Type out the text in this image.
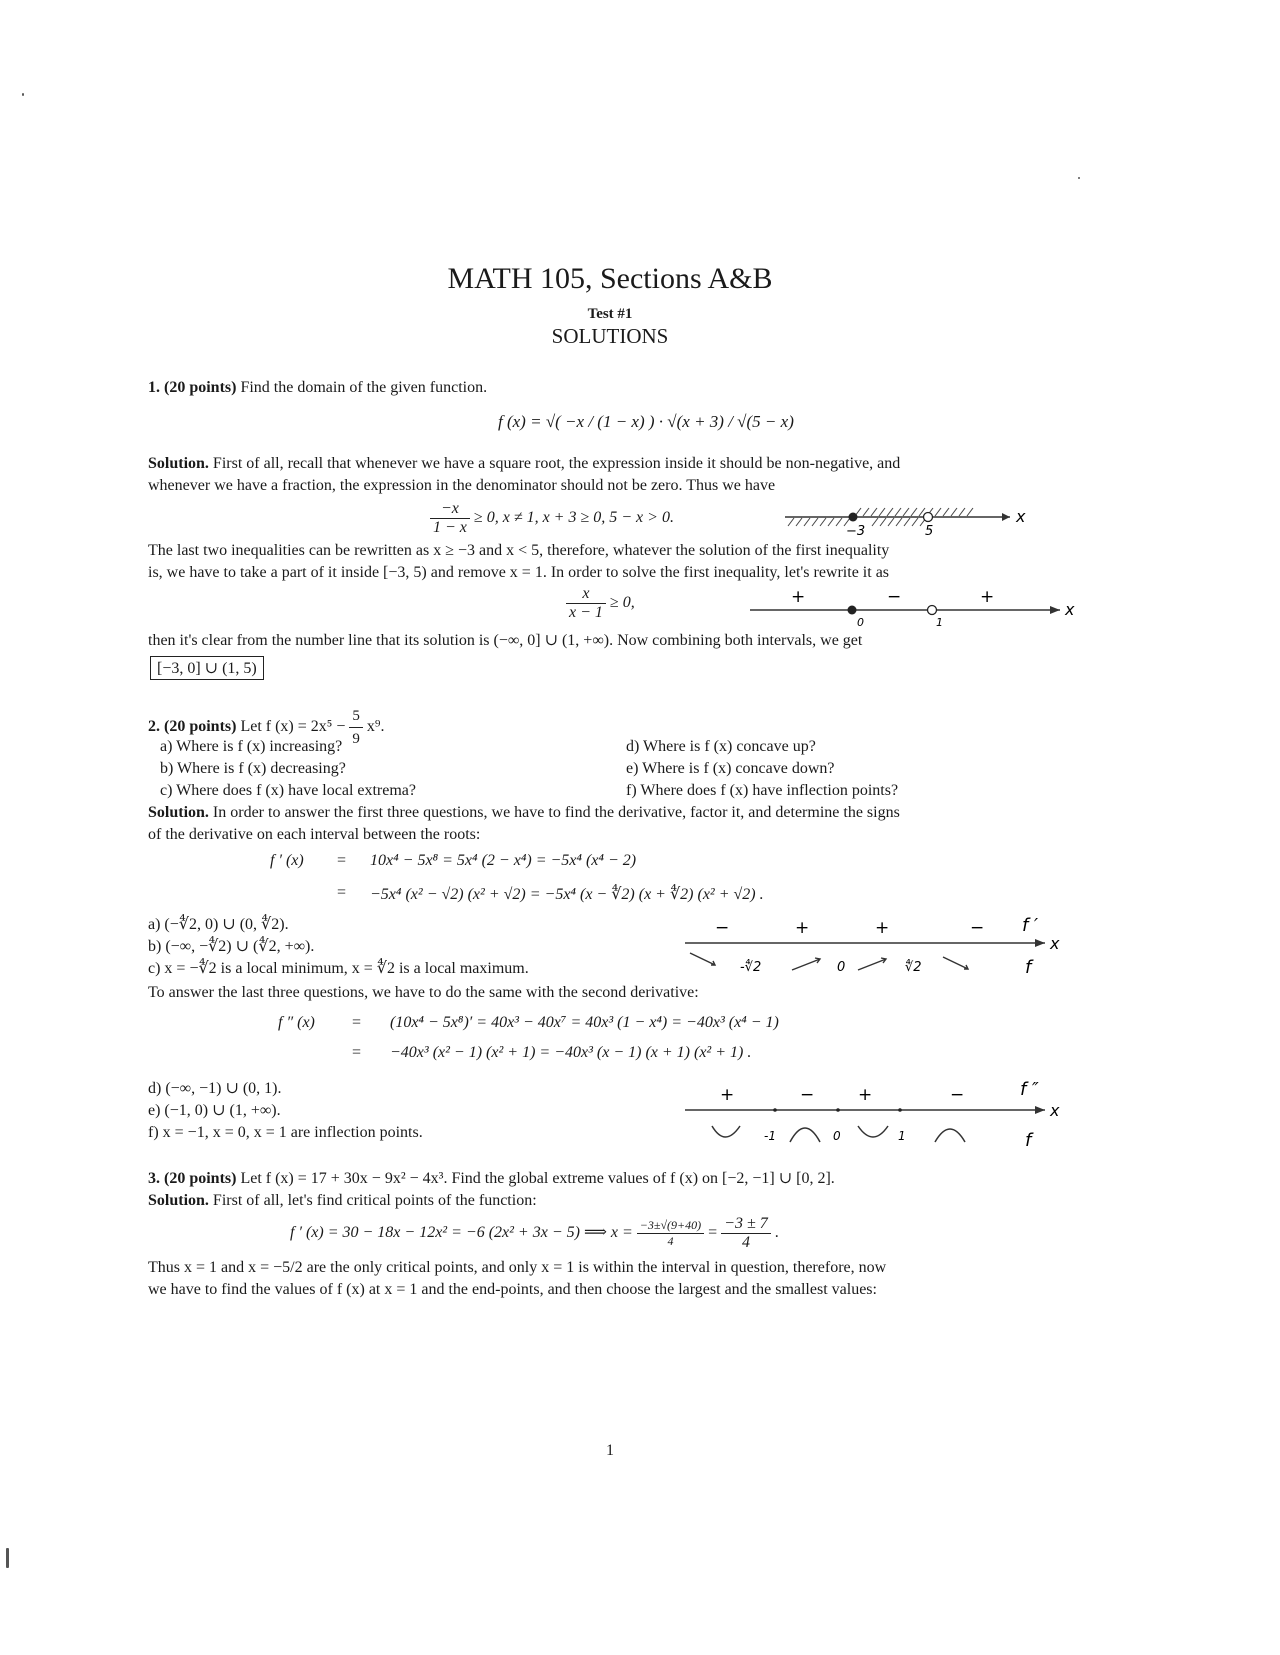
MATH 105, Sections A&B
Test #1
SOLUTIONS
1. (20 points) Find the domain of the given function.
f (x) = √( −x / (1 − x) ) · √(x + 3) / √(5 − x)
Solution. First of all, recall that whenever we have a square root, the expression inside it should be non-negative, and
whenever we have a fraction, the expression in the denominator should not be zero. Thus we have
$\frac{-x}{1 - x} \ge 0$, x ≠ 1, x + 3 ≥ 0, 5 − x > 0.
−3	5
x
The last two inequalities can be rewritten as x ≥ −3 and x < 5, therefore, whatever the solution of the first inequality
is, we have to take a part of it inside [−3, 5) and remove x = 1. In order to solve the first inequality, let's rewrite it as
$\frac{x}{x - 1} \ge 0$,	+	−	+
0	1
x
then it's clear from the number line that its solution is (−∞, 0] ∪ (1, +∞). Now combining both intervals, we get
[−3, 0] ∪ (1, 5)
2. (20 points) Let f $(x) = 2x^5 - \frac{5}{9} x^9$.
a) Where is f (x) increasing?
b) Where is f (x) decreasing?
c) Where does f (x) have local extrema?
d) Where is f (x) concave up?
e) Where is f (x) concave down?
f) Where does f (x) have inflection points?
Solution. In order to answer the first three questions, we have to find the derivative, factor it, and determine the signs
of the derivative on each interval between the roots:
f ′ (x) = 10x⁴ − 5x⁸ = 5x⁴ (2 − x⁴) = −5x⁴ (x⁴ − 2)
= −5x⁴ (x² − √2) (x² + √2) = −5x⁴ (x − ∜2) (x + ∜2) (x² + √2) .
a) (−∜2, 0) ∪ (0, ∜2).
b) (−∞, −∜2) ∪ (∜2, +∞).
c) x = −∜2 is a local minimum, x = ∜2 is a local maximum.
−	+	+	− f ′
x
f
-∜2	0	∜2
To answer the last three questions, we have to do the same with the second derivative:
f ″ (x) = (10x⁴ − 5x⁸)′ = 40x³ − 40x⁷ = 40x³ (1 − x⁴) = −40x³ (x⁴ − 1)
= −40x³ (x² − 1) (x² + 1) = −40x³ (x − 1) (x + 1) (x² + 1) .
d) (−∞, −1) ∪ (0, 1).
e) (−1, 0) ∪ (1, +∞).
f) x = −1, x = 0, x = 1 are inflection points.
+	−	+	−	f ″
x
f
-1	0	1
3. (20 points) Let f (x) = 17 + 30x − 9x² − 4x³. Find the global extreme values of f (x) on [−2, −1] ∪ [0, 2].
Solution. First of all, let's find critical points of the function:
f ′ (x) = 30 − 18x − 12x² = −6 (2x² + 3x − 5) ⟹ $x = \frac{-3\pm√(9+40)}{4} = \frac{-3 \pm 7}{4}$ .
Thus x = 1 and x = −5/2 are the only critical points, and only x = 1 is within the interval in question, therefore, now
we have to find the values of f (x) at x = 1 and the end-points, and then choose the largest and the smallest values:
1
